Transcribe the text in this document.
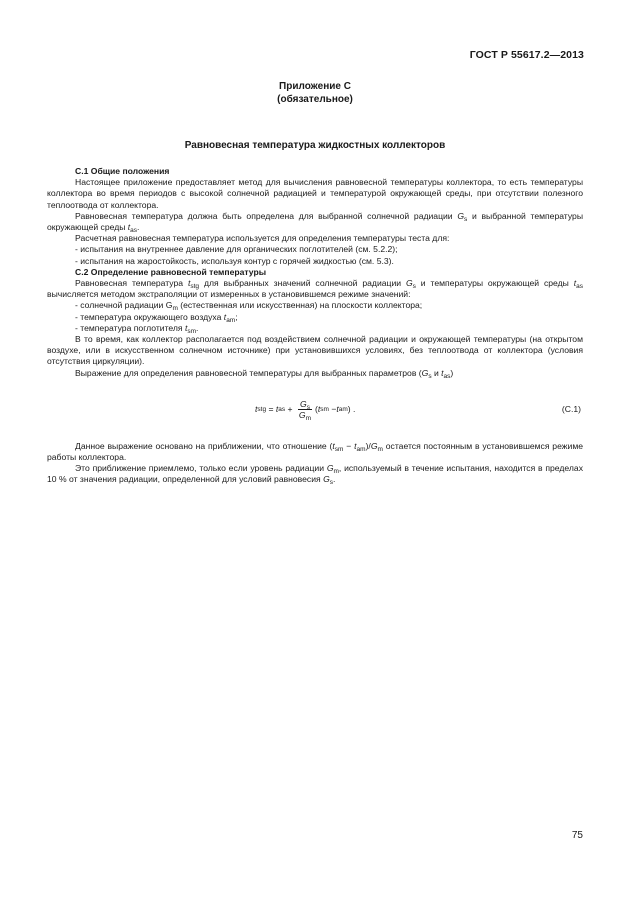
ГОСТ Р 55617.2—2013
Приложение С
(обязательное)
Равновесная температура жидкостных коллекторов

С.1 Общие положения

Настоящее приложение предоставляет метод для вычисления равновесной температуры коллектора, то есть температуры коллектора во время периодов с высокой солнечной радиацией и температурой окружающей среды, при отсутствии полезного теплоотвода от коллектора.

Равновесная температура должна быть определена для выбранной солнечной радиации $G_s$ и выбранной температуры окружающей среды $t_{as}$.

Расчетная равновесная температура используется для определения температуры теста для:

- испытания на внутреннее давление для органических поглотителей (см. 5.2.2);

- испытания на жаростойкость, используя контур с горячей жидкостью (см. 5.3).

С.2 Определение равновесной температуры

Равновесная температура $t_{stg}$ для выбранных значений солнечной радиации $G_s$ и температуры окружающей среды $t_{as}$ вычисляется методом экстраполяции от измеренных в установившемся режиме значений:

- солнечной радиации $G_m$ (естественная или искусственная) на плоскости коллектора;

- температура окружающего воздуха $t_{am}$;

- температура поглотителя $t_{sm}$.

В то время, как коллектор располагается под воздействием солнечной радиации и окружающей температуры (на открытом воздухе, или в искусственном солнечном источнике) при установившихся условиях, без теплоотвода от коллектора (условия отсутствия циркуляции).

Выражение для определения равновесной температуры для выбранных параметров ($G_s$ и $t_{as}$)

t stg = t as + $\frac{G_s}{G_m}$ ( t sm − t am ) .	(С.1)

Данное выражение основано на приближении, что отношение $(t_{sm} - t_{am})/G_m$ остается постоянным в установившемся режиме работы коллектора.

Это приближение приемлемо, только если уровень радиации $G_m$, используемый в течение испытания, находится в пределах 10 % от значения радиации, определенной для условий равновесия $G_s$.

75
